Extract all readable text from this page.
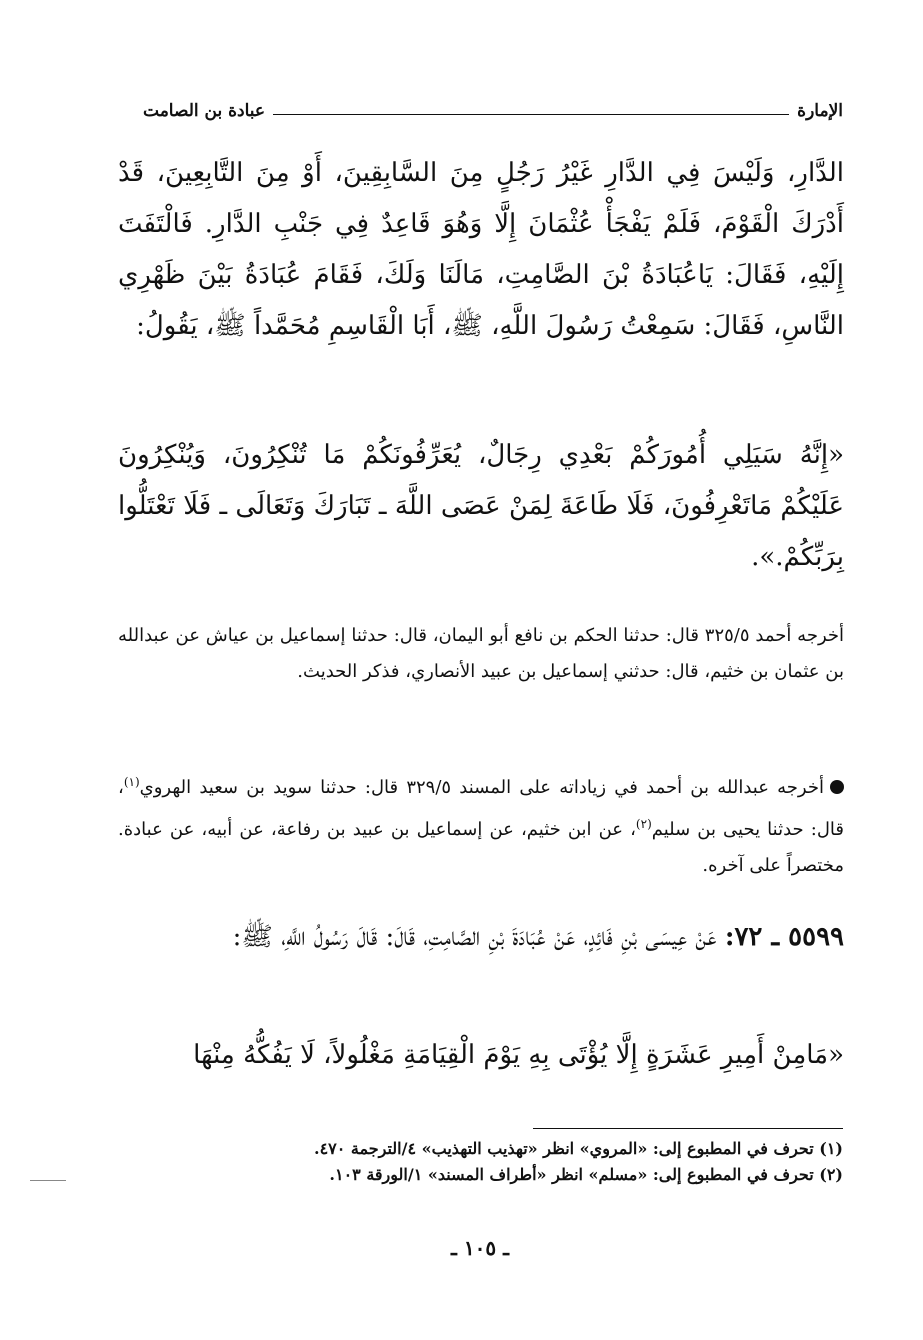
الإمارة
عبادة بن الصامت
الدَّارِ، وَلَيْسَ فِي الدَّارِ غَيْرُ رَجُلٍ مِنَ السَّابِقِينَ، أَوْ مِنَ التَّابِعِينَ، قَدْ أَدْرَكَ الْقَوْمَ، فَلَمْ يَفْجَأْ عُثْمَانَ إِلَّا وَهُوَ قَاعِدٌ فِي جَنْبِ الدَّارِ. فَالْتَفَتَ إِلَيْهِ، فَقَالَ: يَاعُبَادَةُ بْنَ الصَّامِتِ، مَالَنَا وَلَكَ، فَقَامَ عُبَادَةُ بَيْنَ ظَهْرِي النَّاسِ، فَقَالَ: سَمِعْتُ رَسُولَ اللَّهِ، ﷺ، أَبَا الْقَاسِمِ مُحَمَّداً ﷺ، يَقُولُ:
«إِنَّهُ سَيَلِي أُمُورَكُمْ بَعْدِي رِجَالٌ، يُعَرِّفُونَكُمْ مَا تُنْكِرُونَ، وَيُنْكِرُونَ عَلَيْكُمْ مَاتَعْرِفُونَ، فَلَا طَاعَةَ لِمَنْ عَصَى اللَّهَ ـ تَبَارَكَ وَتَعَالَى ـ فَلَا تَعْتَلُّوا بِرَبِّكُمْ.».
أخرجه أحمد ٣٢٥/٥ قال: حدثنا الحكم بن نافع أبو اليمان، قال: حدثنا إسماعيل بن عياش عن عبدالله بن عثمان بن خثيم، قال: حدثني إسماعيل بن عبيد الأنصاري، فذكر الحديث.
أخرجه عبدالله بن أحمد في زياداته على المسند ٣٢٩/٥ قال: حدثنا سويد بن سعيد الهروي$^{(١)}$، قال: حدثنا يحيى بن سليم$^{(٢)}$، عن ابن خثيم، عن إسماعيل بن عبيد بن رفاعة، عن أبيه، عن عبادة. مختصراً على آخره.
٥٥٩٩ ـ ٧٢: عَنْ عِيسَى بْنِ فَائِدٍ، عَنْ عُبَادَةَ بْنِ الصَّامِتِ، قَالَ: قَالَ رَسُولُ اللَّهِ، ﷺ:
«مَامِنْ أَمِيرِ عَشَرَةٍ إِلَّا يُؤْتَى بِهِ يَوْمَ الْقِيَامَةِ مَغْلُولاً، لَا يَفُكُّهُ مِنْهَا
(١) تحرف في المطبوع إلى: «المروي» انظر «تهذيب التهذيب» ٤/الترجمة ٤٧٠.
(٢) تحرف في المطبوع إلى: «مسلم» انظر «أطراف المسند» ١/الورقة ١٠٣.
ـ ١٠٥ ـ
